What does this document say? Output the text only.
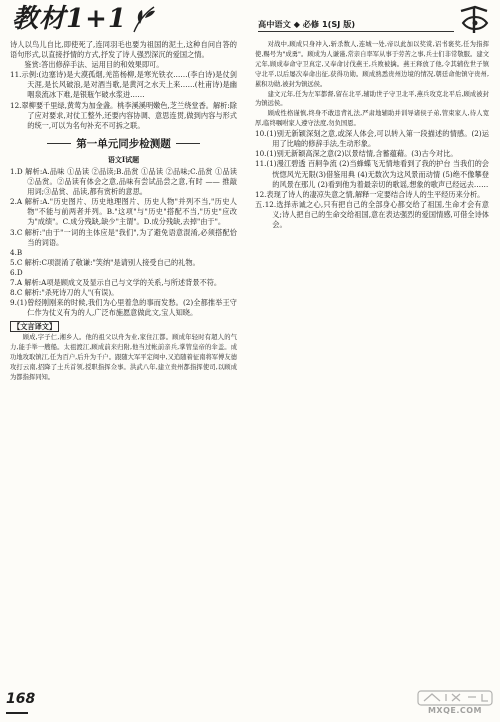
教材1+1	高中语文 ◆ 必修 1(SJ 版)

诗人以鸟儿自比,即使死了,连同羽毛也要为祖国的泥土,这种自问自答的语句形式,以直接抒情的方式,抒发了诗人强烈深沉的爱国之情。

鉴赏:答出修辞手法、运用目的和效果即可。

11.示例:(边塞诗)是大漠孤烟,羌笛杨柳,是寒光铁衣……(李白诗)是仗剑天涯,是长风破浪,是对酒当歌,是黄河之水天上来……(杜甫诗)是幽咽泉流冰下难,是银瓶乍破水浆迸……

12.翠柳要千里绿,黄莺为加金盏。桃李溪溪明嫩色,芝兰绕堂香。解析:除了应对要求,对仗工整外,还要内容协调、意思连贯,做到内容与形式的统一,可以为名句补充不可拆之联。

第一单元同步检测题
语文Ⅰ试题

1.D 解析:A.品味 ①品读 ②品读;B.品赏 ①品读 ②品味;C.品赏 ①品读 ②品赏。②品读有体会之意,品味有尝试品尝之意,有时 —— 推敲用词;③品赏、品读,都有赏析的意思。

2.A 解析:A."历史图片、历史地理图片、历史人物"并列不当,"历史人物"不能与前两者并列。B."这项"与"历史"搭配不当,"历史"应改为"成绩"。C.成分残缺,缺少"主谓"。D.成分残缺,去掉"由于"。

3.C 解析:"由于"一词的主体应是"我们",为了避免语意混淆,必须搭配恰当的词语。

4.B

5.C 解析:C项混淆了敬谦:"笑纳"是请别人接受自己的礼物。

6.D

7.A 解析:A项是顾成文及显示自己与文学的关系,与所述背景不符。

8.C 解析:"杀死诗刀的人"(有误)。

9.(1)曾经刚刚来的时候,我们为心里着急的事而发愁。(2)全都推举王守仁作为仗义有为的人,广泛布施愿意做此文,宝人知晓。

【文言译文】

顾成,字子仁,湘乡人。他的祖父以舟为业,家住江都。顾成年轻时有超人的气力,能手举一艘船。太祖渡江,顾成前来归附,他当过帐前亲兵,掌管皇帝的伞盖。成功地攻取镇江,任为百户,后升为千户。跟随大军平定闽中,又追随着征南将军傅友德攻打云南,招降了土兵首领,授职指挥佥事。洪武八年,建立贵州都指挥使司,以顾成为都指挥同知。

对战中,顾成只身冲入,斩杀数人,连城一处,帝以此加以奖赏,诏书褒奖,任为指挥使,赐号为"成勇"。顾成为人谦谨,常亲自率军从事于劳苦之事,兵士们非常敬服。建文元年,顾成奉命守卫真定,又奉命讨伐燕王,兵败被擒。燕王释放了他,令其辅佐世子镇守北平,以后屡次奉命出征,获得功勋。顾成熟悉贵州边境的情况,朝廷命他镇守贵州,累积功勋,被封为镇远侯。

建文元年,任为左军都督,留在北平,辅助世子守卫北平,燕兵攻克北平后,顾成被封为镇远侯。

顾成性格谨慎,终身不敢违背礼法,严肃地辅助并训导诸侯子弟,管束家人,待人宽厚,临终嘱咐家人遵守法度,勿负国恩。

10.(1)别无新颖深刻之意,或深人体会,可以转入第一段描述的情感。(2)运用了比喻的修辞手法,生动形象。

10.(1)别无新颖高深之意(2)以景结情,含蓄蕴藉。(3)古今对比。

11.(1)漫江碧透 百舸争流 (2)当蜂蝶飞无情地看到了我的护台 当我们的会恍惚风光无限(3)借鉴用典 (4)无数次为这风景而动情 (5)绝不像攀登的风景在那儿 (2)看到他为着最亲切的歌谣,想象的歌声已经远去……

12.表现了诗人的凄凉失意之情,解释一定要结合诗人的生平经历来分析。

五.12.选择赤诚之心,只有把自己的全部身心都交给了祖国,生命才会有意义;诗人把自己的生命交给祖国,意在表达强烈的爱国情感,可借全诗体会。

168
MXQE.COM
